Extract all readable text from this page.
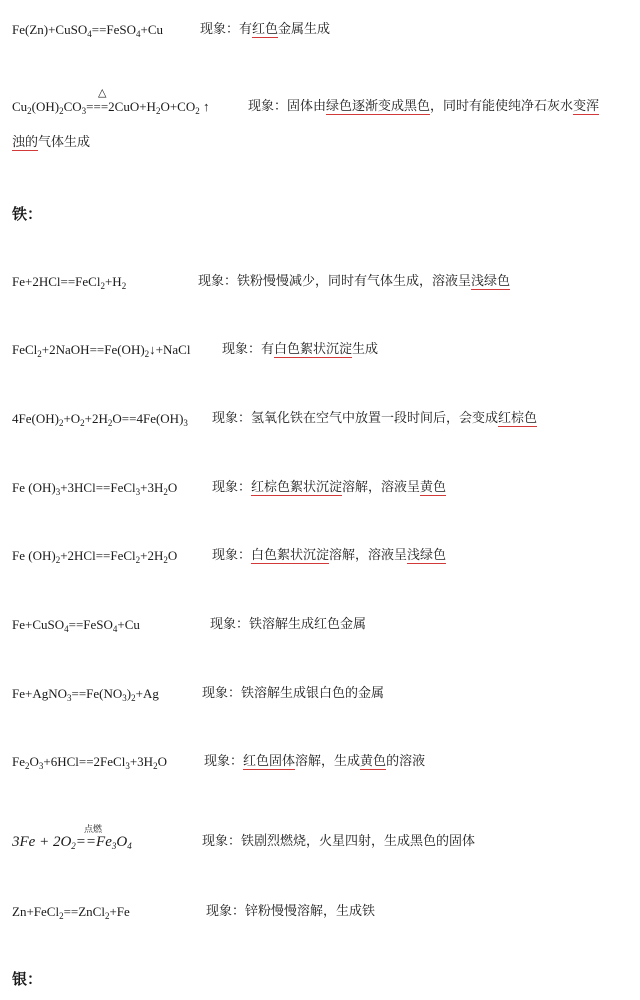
Fe(Zn)+CuSO$_4$==FeSO$_4$+Cu	现象：有红色金属生成
△
$Cu_2(OH)_2CO_3===2CuO+H_2O+CO_2$ ↑	现象：固体由绿色逐渐变成黑色，同时有能使纯净石灰水变浑
浊的气体生成
铁：
$Fe+2HCl==FeCl_2+H_2$	现象：铁粉慢慢减少，同时有气体生成，溶液呈浅绿色
$FeCl_2+2NaOH==Fe(OH)_2↓+NaCl$ 现象：有白色絮状沉淀生成
$4Fe(OH)_2+O_2+2H_2O==4Fe(OH)_3$ 现象：氢氧化铁在空气中放置一段时间后，会变成红棕色
Fe $(OH)_3+3HCl==FeCl_3+3H_2O$	现象：红棕色絮状沉淀溶解，溶液呈黄色
Fe $(OH)_2+2HCl==FeCl_2+2H_2O$	现象：白色絮状沉淀溶解，溶液呈浅绿色
Fe+CuSO$_4$==FeSO$_4$+Cu	现象：铁溶解生成红色金属
$Fe+AgNO_3==Fe(NO_3)_2+Ag$	现象：铁溶解生成银白色的金属
$Fe_2O_3+6HCl==2FeCl_3+3H_2O$	现象：红色固体溶解，生成黄色的溶液
点燃
$3Fe + 2O_2==Fe_3O_4$	现象：铁剧烈燃烧，火星四射，生成黑色的固体
Zn+FeCl$_2$==ZnCl$_2$+Fe	现象：锌粉慢慢溶解，生成铁
银：
